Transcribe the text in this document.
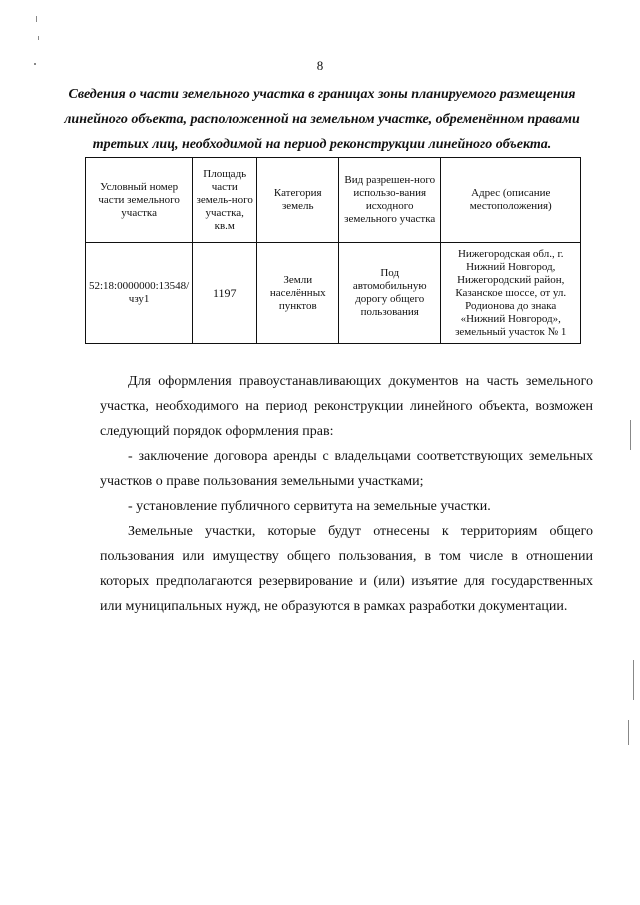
8
Сведения о части земельного участка в границах зоны планируемого размещения линейного объекта, расположенной на земельном участке, обременённом правами третьих лиц, необходимой на период реконструкции линейного объекта.
Условный номер части земельного участка	Площадь части земель-ного участка, кв.м	Категория земель	Вид разрешен-ного использо-вания исходного земельного участка	Адрес (описание местоположения)
52:18:0000000:13548/чзу1	1197	Земли населённых пунктов	Под автомобильную дорогу общего пользования	Нижегородская обл., г. Нижний Новгород, Нижегородский район, Казанское шоссе, от ул. Родионова до знака «Нижний Новгород», земельный участок № 1
Для оформления правоустанавливающих документов на часть земельного участка, необходимого на период реконструкции линейного объекта, возможен следующий порядок оформления прав:
- заключение договора аренды с владельцами соответствующих земельных участков о праве пользования земельными участками;
- установление публичного сервитута на земельные участки.
Земельные участки, которые будут отнесены к территориям общего пользования или имуществу общего пользования, в том числе в отношении которых предполагаются резервирование и (или) изъятие для государственных или муниципальных нужд, не образуются в рамках разработки документации.
